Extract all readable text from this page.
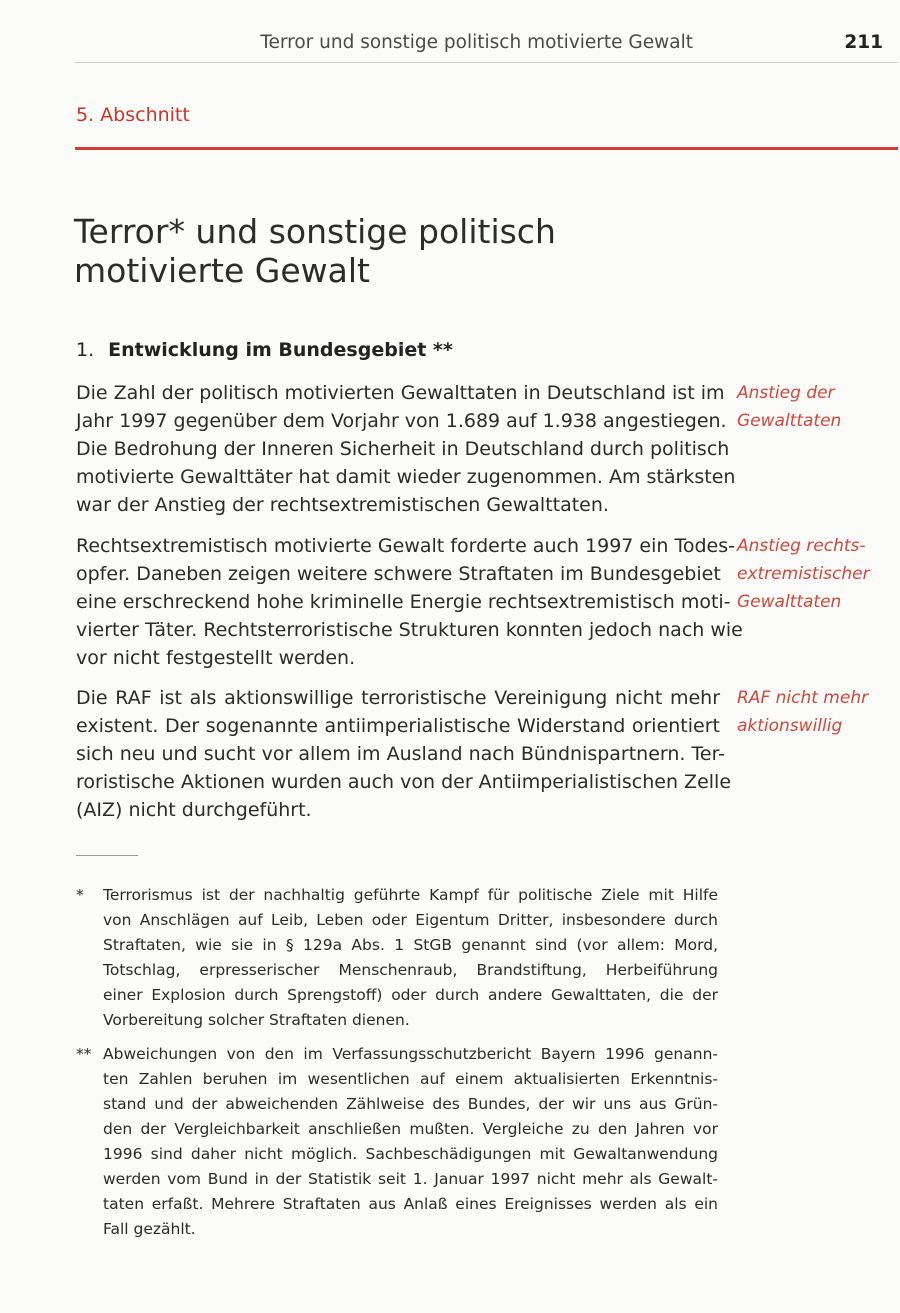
Terror und sonstige politisch motivierte Gewalt	211
5. Abschnitt
Terror* und sonstige politisch
motivierte Gewalt
1. Entwicklung im Bundesgebiet **
Die Zahl der politisch motivierten Gewalttaten in Deutschland ist im
Jahr 1997 gegenüber dem Vorjahr von 1.689 auf 1.938 angestiegen.
Die Bedrohung der Inneren Sicherheit in Deutschland durch politisch
motivierte Gewalttäter hat damit wieder zugenommen. Am stärksten
war der Anstieg der rechtsextremistischen Gewalttaten.
Rechtsextremistisch motivierte Gewalt forderte auch 1997 ein Todes-
opfer. Daneben zeigen weitere schwere Straftaten im Bundesgebiet
eine erschreckend hohe kriminelle Energie rechtsextremistisch moti-
vierter Täter. Rechtsterroristische Strukturen konnten jedoch nach wie
vor nicht festgestellt werden.
Die RAF ist als aktionswillige terroristische Vereinigung nicht mehr
existent. Der sogenannte antiimperialistische Widerstand orientiert
sich neu und sucht vor allem im Ausland nach Bündnispartnern. Ter-
roristische Aktionen wurden auch von der Antiimperialistischen Zelle
(AIZ) nicht durchgeführt.
Anstieg der
Gewalttaten
Anstieg rechts-
extremistischer
Gewalttaten
RAF nicht mehr
aktionswillig
* Terrorismus ist der nachhaltig geführte Kampf für politische Ziele mit Hilfe
von Anschlägen auf Leib, Leben oder Eigentum Dritter, insbesondere durch
Straftaten, wie sie in § 129a Abs. 1 StGB genannt sind (vor allem: Mord,
Totschlag, erpresserischer Menschenraub, Brandstiftung, Herbeiführung
einer Explosion durch Sprengstoff) oder durch andere Gewalttaten, die der
Vorbereitung solcher Straftaten dienen.
** Abweichungen von den im Verfassungsschutzbericht Bayern 1996 genann-
ten Zahlen beruhen im wesentlichen auf einem aktualisierten Erkenntnis-
stand und der abweichenden Zählweise des Bundes, der wir uns aus Grün-
den der Vergleichbarkeit anschließen mußten. Vergleiche zu den Jahren vor
1996 sind daher nicht möglich. Sachbeschädigungen mit Gewaltanwendung
werden vom Bund in der Statistik seit 1. Januar 1997 nicht mehr als Gewalt-
taten erfaßt. Mehrere Straftaten aus Anlaß eines Ereignisses werden als ein
Fall gezählt.
